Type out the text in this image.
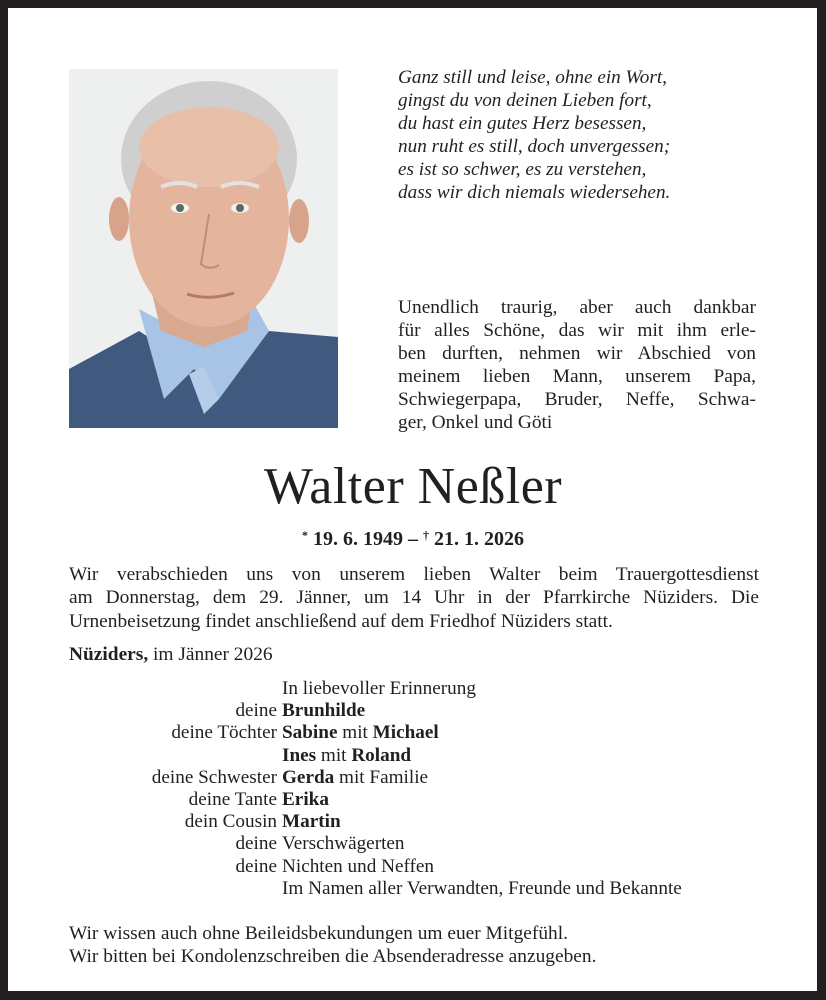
Ganz still und leise, ohne ein Wort,
gingst du von deinen Lieben fort,
du hast ein gutes Herz besessen,
nun ruht es still, doch unvergessen;
es ist so schwer, es zu verstehen,
dass wir dich niemals wiedersehen.
Unendlich traurig, aber auch dankbar
für alles Schöne, das wir mit ihm erle-
ben durften, nehmen wir Abschied von
meinem lieben Mann, unserem Papa,
Schwiegerpapa, Bruder, Neffe, Schwa-
ger, Onkel und Göti
Walter Neßler
* 19. 6. 1949 – † 21. 1. 2026
Wir verabschieden uns von unserem lieben Walter beim Trauergottesdienst
am Donnerstag, dem 29. Jänner, um 14 Uhr in der Pfarrkirche Nüziders. Die
Urnenbeisetzung findet anschließend auf dem Friedhof Nüziders statt.
Nüziders, im Jänner 2026
In liebevoller Erinnerung
deine Brunhilde
deine Töchter Sabine mit Michael
Ines mit Roland
deine Schwester Gerda mit Familie
deine Tante Erika
dein Cousin Martin
deine Verschwägerten
deine Nichten und Neffen
Im Namen aller Verwandten, Freunde und Bekannte
Wir wissen auch ohne Beileidsbekundungen um euer Mitgefühl.
Wir bitten bei Kondolenzschreiben die Absenderadresse anzugeben.
